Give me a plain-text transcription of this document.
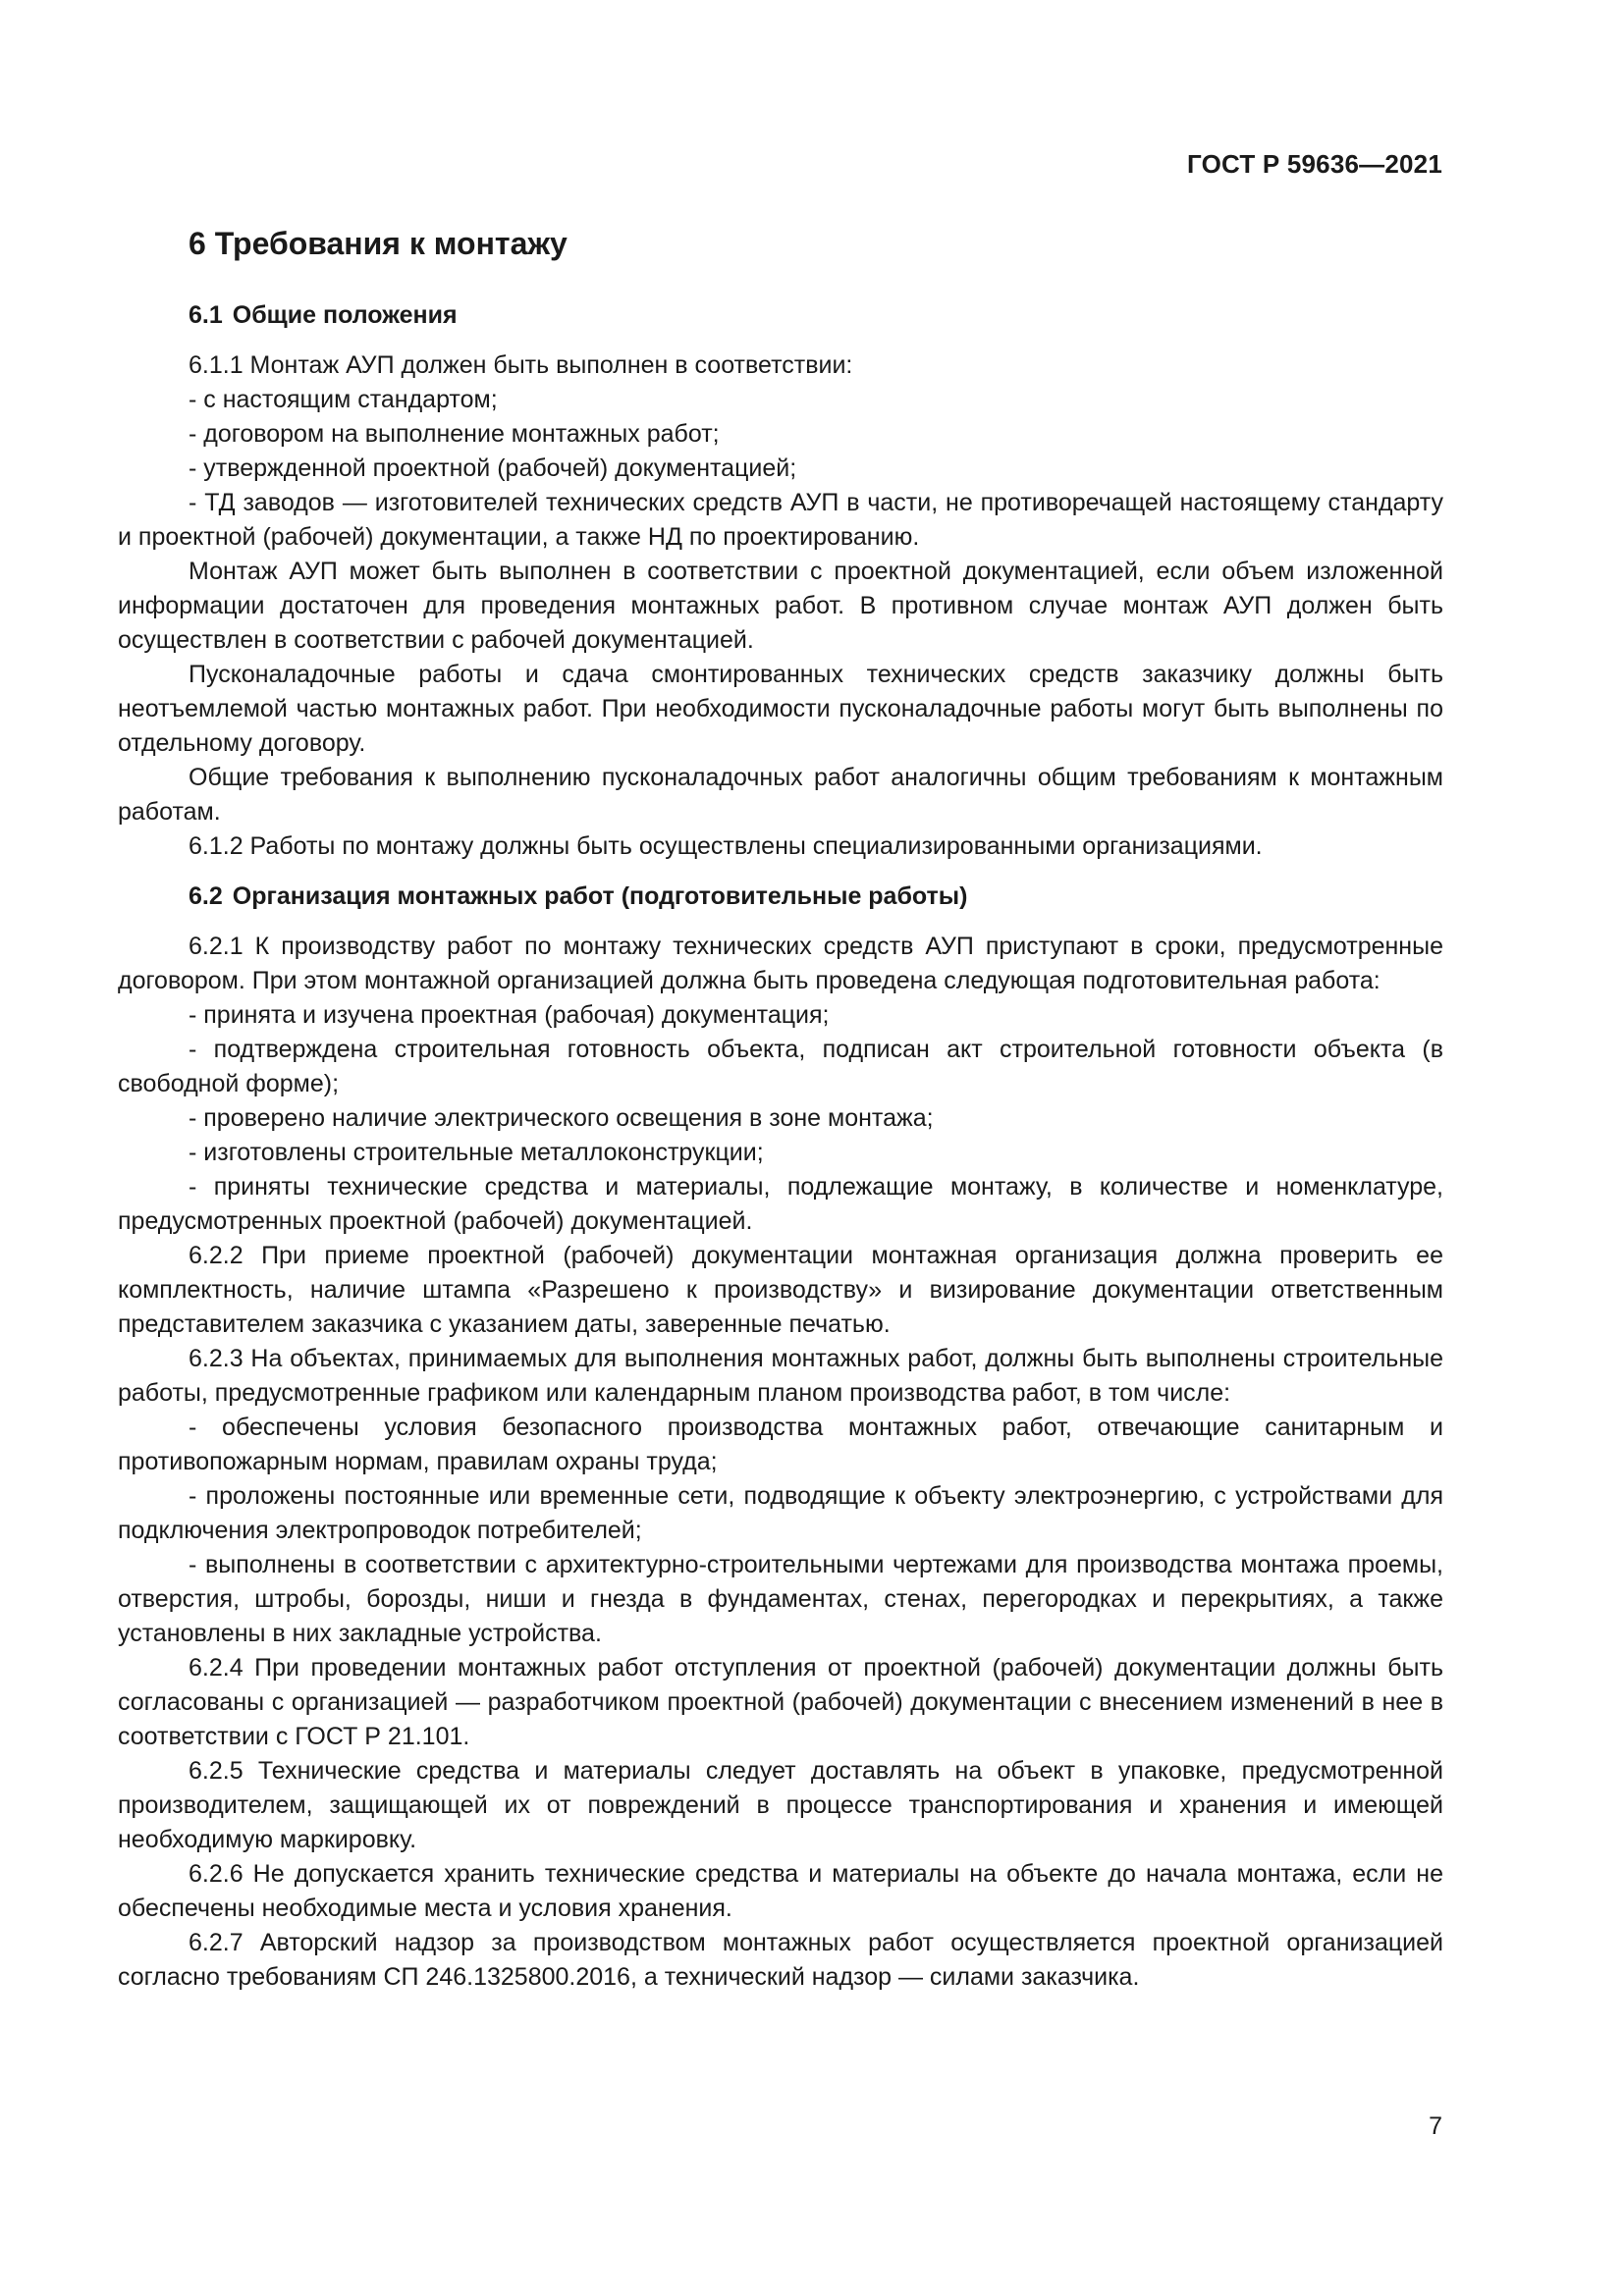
ГОСТ Р 59636—2021
6 Требования к монтажу
6.1 Общие положения

6.1.1 Монтаж АУП должен быть выполнен в соответствии:

- с настоящим стандартом;

- договором на выполнение монтажных работ;

- утвержденной проектной (рабочей) документацией;

- ТД заводов — изготовителей технических средств АУП в части, не противоречащей настоящему стандарту и проектной (рабочей) документации, а также НД по проектированию.

Монтаж АУП может быть выполнен в соответствии с проектной документацией, если объем изложенной информации достаточен для проведения монтажных работ. В противном случае монтаж АУП должен быть осуществлен в соответствии с рабочей документацией.

Пусконаладочные работы и сдача смонтированных технических средств заказчику должны быть неотъемлемой частью монтажных работ. При необходимости пусконаладочные работы могут быть выполнены по отдельному договору.

Общие требования к выполнению пусконаладочных работ аналогичны общим требованиям к монтажным работам.

6.1.2 Работы по монтажу должны быть осуществлены специализированными организациями.

6.2 Организация монтажных работ (подготовительные работы)

6.2.1 К производству работ по монтажу технических средств АУП приступают в сроки, предусмотренные договором. При этом монтажной организацией должна быть проведена следующая подготовительная работа:

- принята и изучена проектная (рабочая) документация;

- подтверждена строительная готовность объекта, подписан акт строительной готовности объекта (в свободной форме);

- проверено наличие электрического освещения в зоне монтажа;

- изготовлены строительные металлоконструкции;

- приняты технические средства и материалы, подлежащие монтажу, в количестве и номенклатуре, предусмотренных проектной (рабочей) документацией.

6.2.2 При приеме проектной (рабочей) документации монтажная организация должна проверить ее комплектность, наличие штампа «Разрешено к производству» и визирование документации ответственным представителем заказчика с указанием даты, заверенные печатью.

6.2.3 На объектах, принимаемых для выполнения монтажных работ, должны быть выполнены строительные работы, предусмотренные графиком или календарным планом производства работ, в том числе:

- обеспечены условия безопасного производства монтажных работ, отвечающие санитарным и противопожарным нормам, правилам охраны труда;

- проложены постоянные или временные сети, подводящие к объекту электроэнергию, с устройствами для подключения электропроводок потребителей;

- выполнены в соответствии с архитектурно-строительными чертежами для производства монтажа проемы, отверстия, штробы, борозды, ниши и гнезда в фундаментах, стенах, перегородках и перекрытиях, а также установлены в них закладные устройства.

6.2.4 При проведении монтажных работ отступления от проектной (рабочей) документации должны быть согласованы с организацией — разработчиком проектной (рабочей) документации с внесением изменений в нее в соответствии с ГОСТ Р 21.101.

6.2.5 Технические средства и материалы следует доставлять на объект в упаковке, предусмотренной производителем, защищающей их от повреждений в процессе транспортирования и хранения и имеющей необходимую маркировку.

6.2.6 Не допускается хранить технические средства и материалы на объекте до начала монтажа, если не обеспечены необходимые места и условия хранения.

6.2.7 Авторский надзор за производством монтажных работ осуществляется проектной организацией согласно требованиям СП 246.1325800.2016, а технический надзор — силами заказчика.

7
